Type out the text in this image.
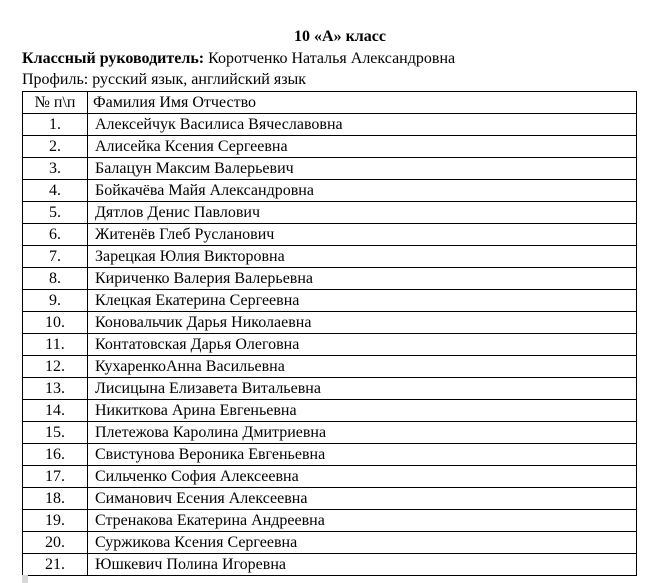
10 «А» класс
Классный руководитель: Коротченко Наталья Александровна
Профиль: русский язык, английский язык
№ п\п	Фамилия Имя Отчество
1.	Алексейчук Василиса Вячеславовна
2.	Алисейка Ксения Сергеевна
3.	Балацун Максим Валерьевич
4.	Бойкачёва Майя Александровна
5.	Дятлов Денис Павлович
6.	Житенёв Глеб Русланович
7.	Зарецкая Юлия Викторовна
8.	Кириченко Валерия Валерьевна
9.	Клецкая Екатерина Сергеевна
10.	Коновальчик Дарья Николаевна
11.	Контатовская Дарья Олеговна
12.	КухаренкоАнна Васильевна
13.	Лисицына Елизавета Витальевна
14.	Никиткова Арина Евгеньевна
15.	Плетежова Каролина Дмитриевна
16.	Свистунова Вероника Евгеньевна
17.	Сильченко София Алексеевна
18.	Симанович Есения Алексеевна
19.	Стренакова Екатерина Андреевна
20.	Суржикова Ксения Сергеевна
21.	Юшкевич Полина Игоревна
